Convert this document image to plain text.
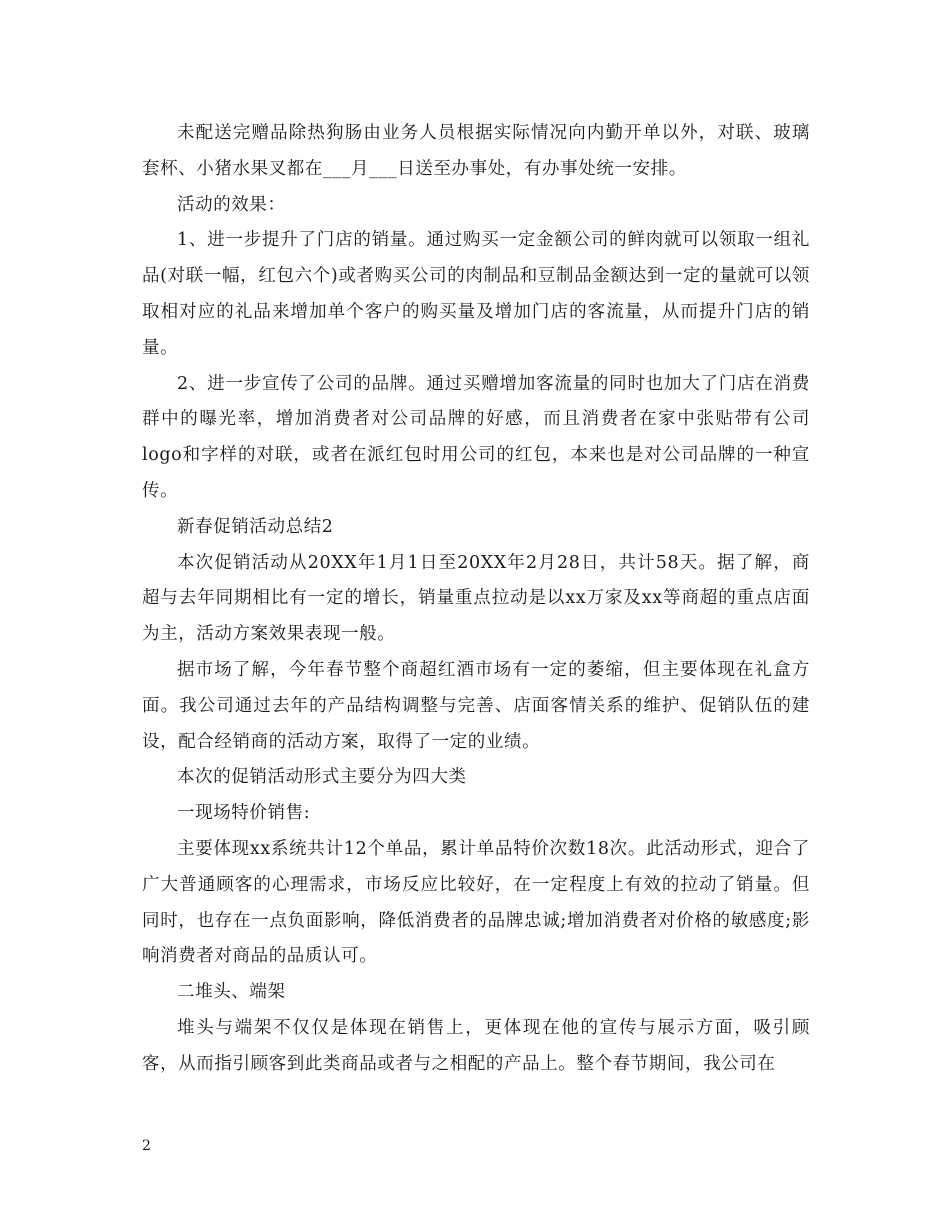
未配送完赠品除热狗肠由业务人员根据实际情况向内勤开单以外，对联、玻璃套杯、小猪水果叉都在___月___日送至办事处，有办事处统一安排。

活动的效果：

1、进一步提升了门店的销量。通过购买一定金额公司的鲜肉就可以领取一组礼品(对联一幅，红包六个)或者购买公司的肉制品和豆制品金额达到一定的量就可以领取相对应的礼品来增加单个客户的购买量及增加门店的客流量，从而提升门店的销量。

2、进一步宣传了公司的品牌。通过买赠增加客流量的同时也加大了门店在消费群中的曝光率，增加消费者对公司品牌的好感，而且消费者在家中张贴带有公司logo和字样的对联，或者在派红包时用公司的红包，本来也是对公司品牌的一种宣传。

新春促销活动总结2

本次促销活动从20XX年1月1日至20XX年2月28日，共计58天。据了解，商超与去年同期相比有一定的增长，销量重点拉动是以xx万家及xx等商超的重点店面为主，活动方案效果表现一般。

据市场了解，今年春节整个商超红酒市场有一定的萎缩，但主要体现在礼盒方面。我公司通过去年的产品结构调整与完善、店面客情关系的维护、促销队伍的建设，配合经销商的活动方案，取得了一定的业绩。

本次的促销活动形式主要分为四大类

一现场特价销售:

主要体现xx系统共计12个单品，累计单品特价次数18次。此活动形式，迎合了广大普通顾客的心理需求，市场反应比较好，在一定程度上有效的拉动了销量。但同时，也存在一点负面影响，降低消费者的品牌忠诚;增加消费者对价格的敏感度;影响消费者对商品的品质认可。

二堆头、端架

堆头与端架不仅仅是体现在销售上，更体现在他的宣传与展示方面，吸引顾客，从而指引顾客到此类商品或者与之相配的产品上。整个春节期间，我公司在

2
